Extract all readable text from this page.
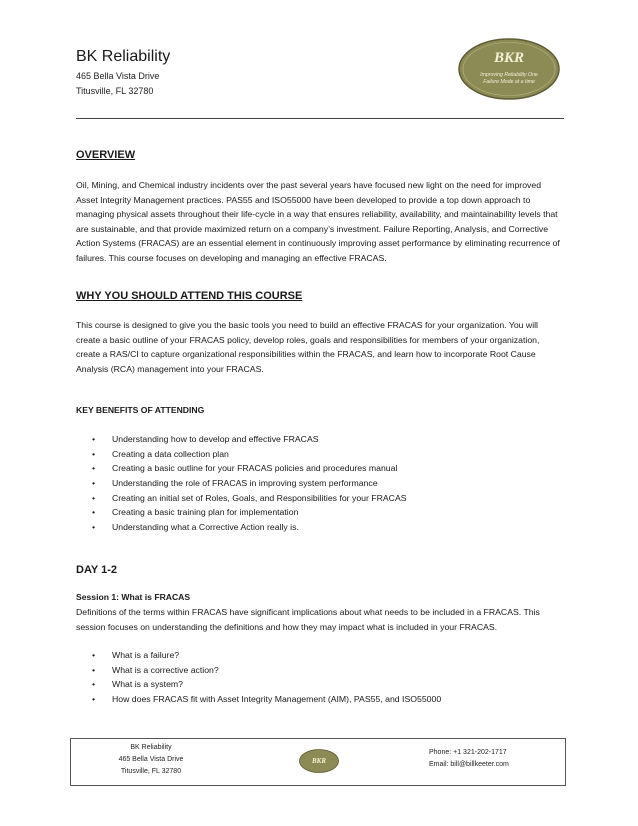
BK Reliability
465 Bella Vista Drive
Titusville, FL 32780
BKR
Improving Reliability One
Failure Mode at a time
OVERVIEW

Oil, Mining, and Chemical industry incidents over the past several years have focused new light on the need for improved Asset Integrity Management practices. PAS55 and ISO55000 have been developed to provide a top down approach to managing physical assets throughout their life-cycle in a way that ensures reliability, availability, and maintainability levels that are sustainable, and that provide maximized return on a company’s investment. Failure Reporting, Analysis, and Corrective Action Systems (FRACAS) are an essential element in continuously improving asset performance by eliminating recurrence of failures. This course focuses on developing and managing an effective FRACAS.

WHY YOU SHOULD ATTEND THIS COURSE

This course is designed to give you the basic tools you need to build an effective FRACAS for your organization. You will create a basic outline of your FRACAS policy, develop roles, goals and responsibilities for members of your organization, create a RAS/CI to capture organizational responsibilities within the FRACAS, and learn how to incorporate Root Cause Analysis (RCA) management into your FRACAS.

KEY BENEFITS OF ATTENDING
• Understanding how to develop and effective FRACAS
• Creating a data collection plan
• Creating a basic outline for your FRACAS policies and procedures manual
• Understanding the role of FRACAS in improving system performance
• Creating an initial set of Roles, Goals, and Responsibilities for your FRACAS
• Creating a basic training plan for implementation
• Understanding what a Corrective Action really is.
DAY 1-2
Session 1: What is FRACAS

Definitions of the terms within FRACAS have significant implications about what needs to be included in a FRACAS. This session focuses on understanding the definitions and how they may impact what is included in your FRACAS.

• What is a failure?
• What is a corrective action?
• What is a system?
• How does FRACAS fit with Asset Integrity Management (AIM), PAS55, and ISO55000
BK Reliability
465 Bella Vista Drive
Titusville, FL 32780
BKR
Phone: +1 321-202-1717
Email: bill@billkeeter.com
